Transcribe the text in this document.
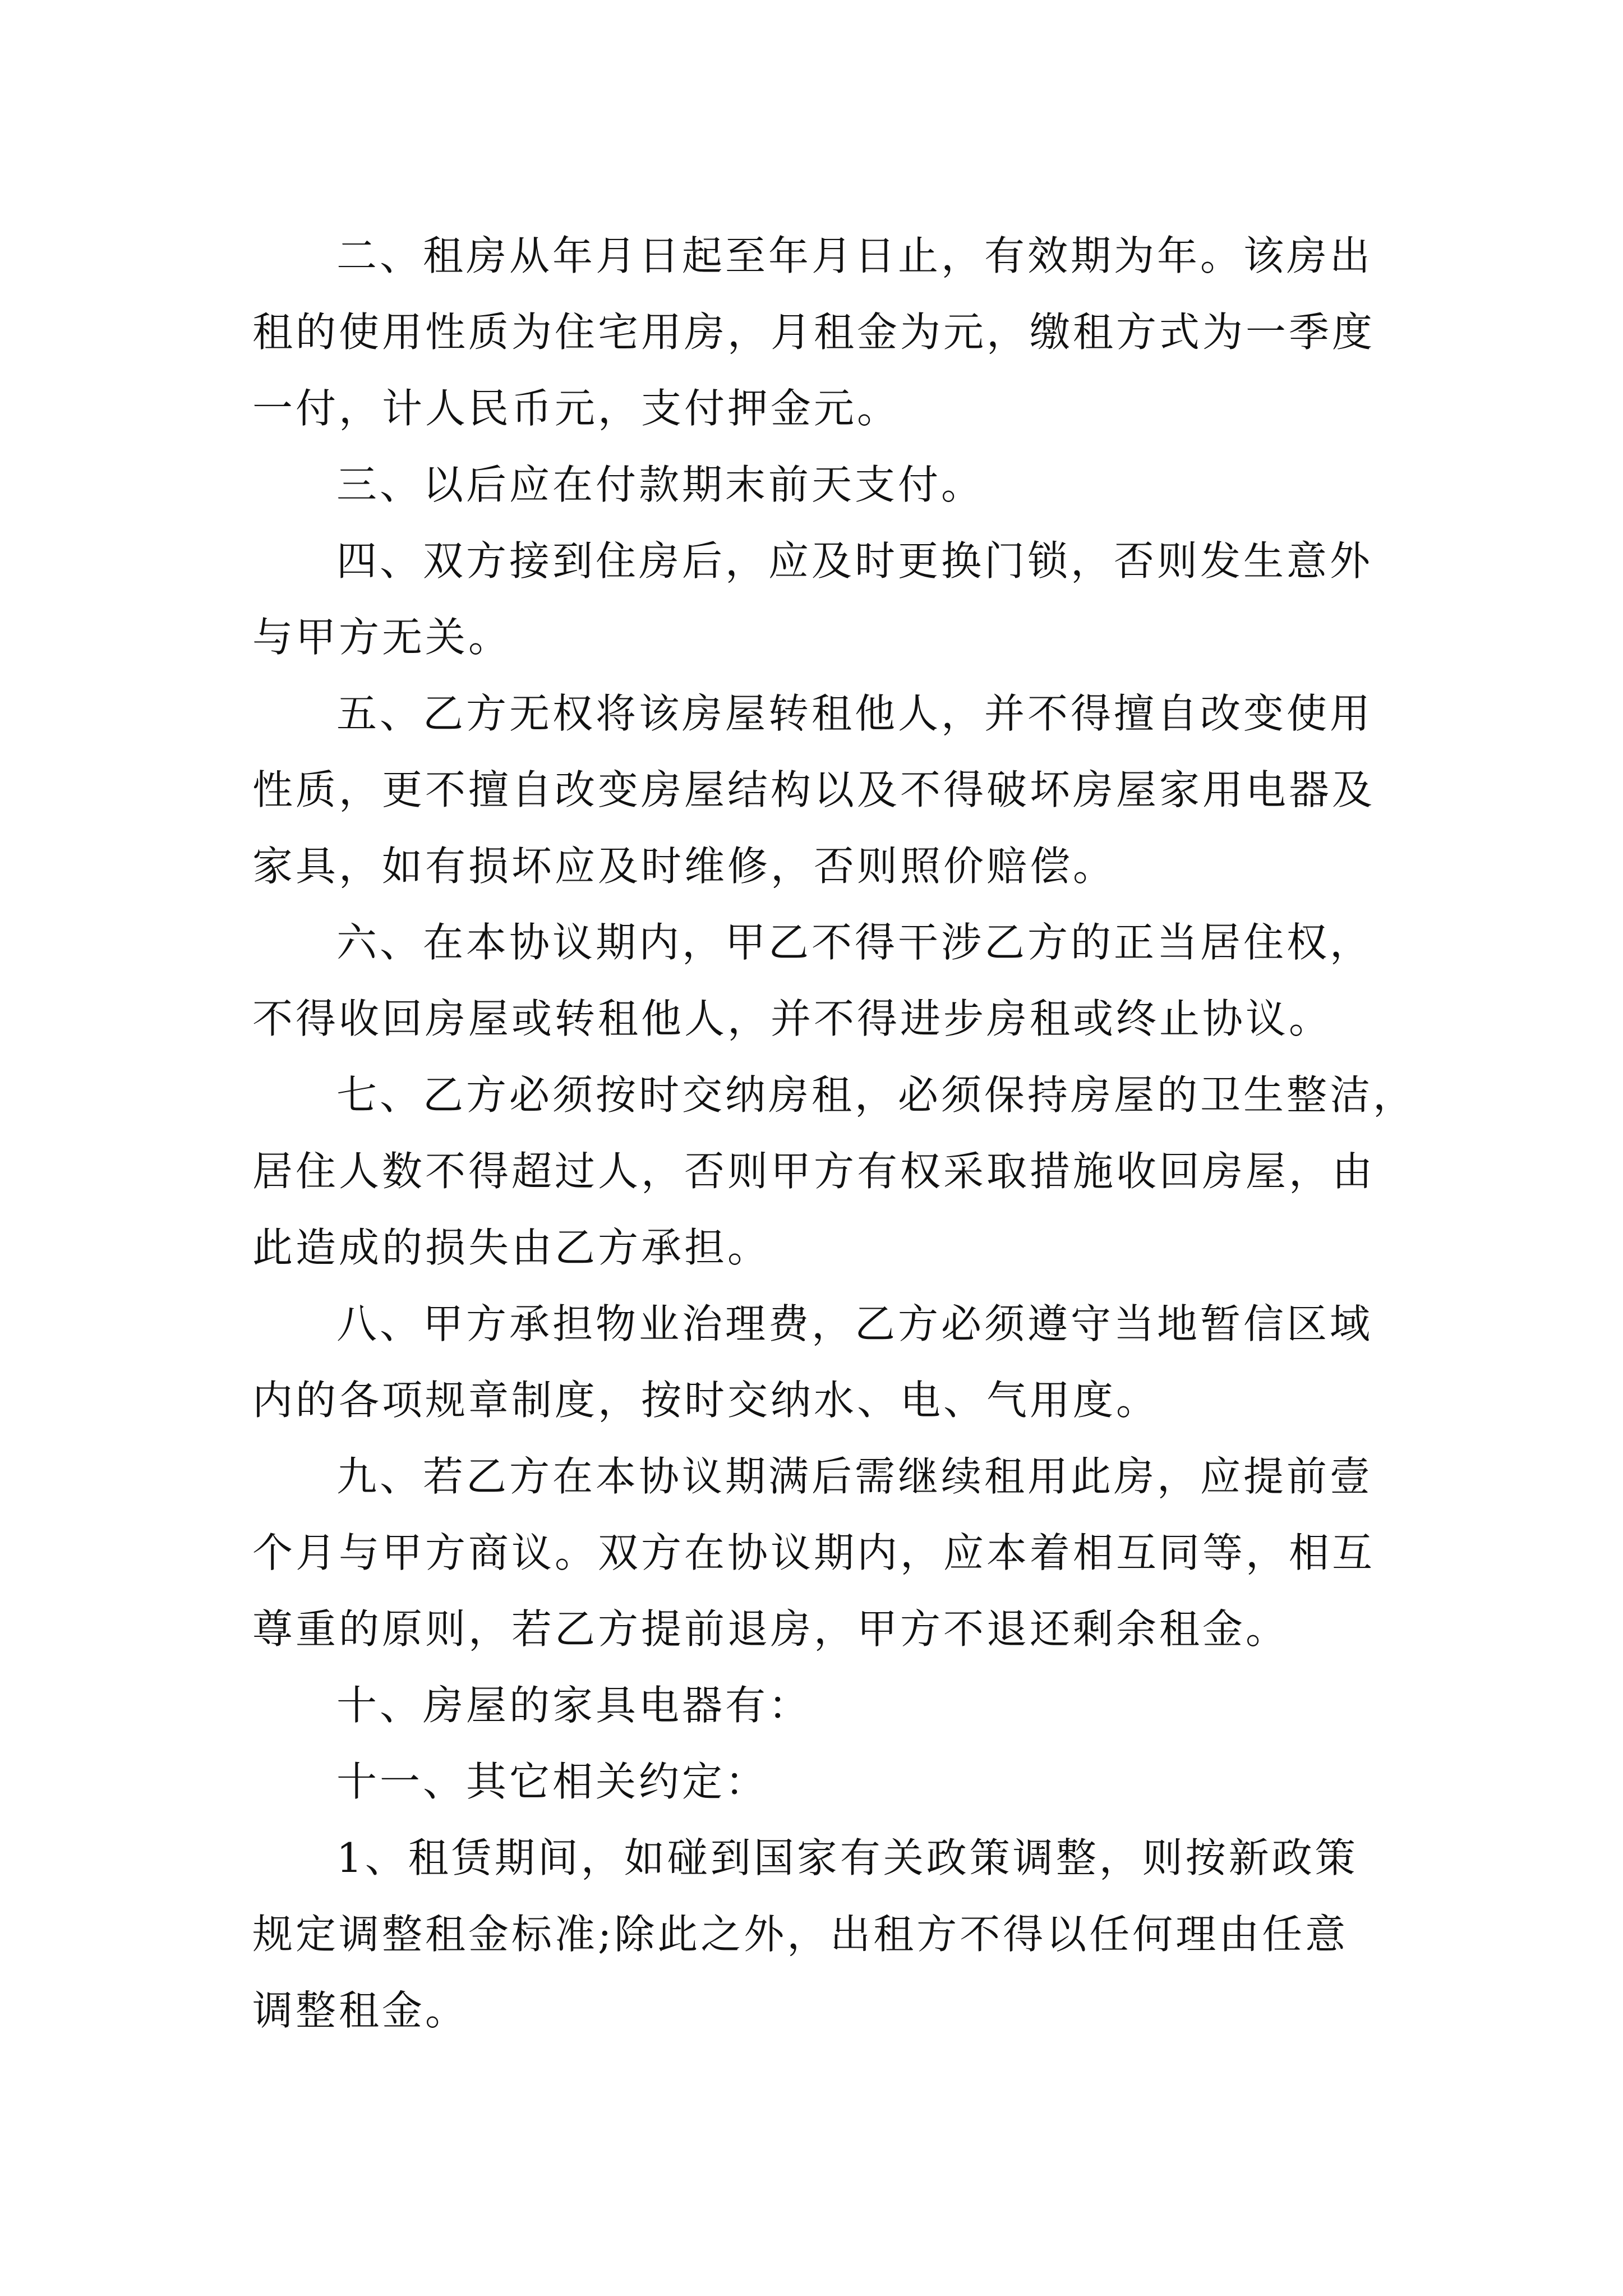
二、租房从年月日起至年月日止，有效期为年。该房出
租的使用性质为住宅用房，月租金为元，缴租方式为一季度
一付，计人民币元，支付押金元。
三、以后应在付款期末前天支付。
四、双方接到住房后，应及时更换门锁，否则发生意外
与甲方无关。
五、乙方无权将该房屋转租他人，并不得擅自改变使用
性质，更不擅自改变房屋结构以及不得破坏房屋家用电器及
家具，如有损坏应及时维修，否则照价赔偿。
六、在本协议期内，甲乙不得干涉乙方的正当居住权，
不得收回房屋或转租他人，并不得进步房租或终止协议。
七、乙方必须按时交纳房租，必须保持房屋的卫生整洁，
居住人数不得超过人，否则甲方有权采取措施收回房屋，由
此造成的损失由乙方承担。
八、甲方承担物业治理费，乙方必须遵守当地暂信区域
内的各项规章制度，按时交纳水、电、气用度。
九、若乙方在本协议期满后需继续租用此房，应提前壹
个月与甲方商议。双方在协议期内，应本着相互同等，相互
尊重的原则，若乙方提前退房，甲方不退还剩余租金。
十、房屋的家具电器有：
十一、其它相关约定：
1、租赁期间，如碰到国家有关政策调整，则按新政策
规定调整租金标准;除此之外，出租方不得以任何理由任意
调整租金。
